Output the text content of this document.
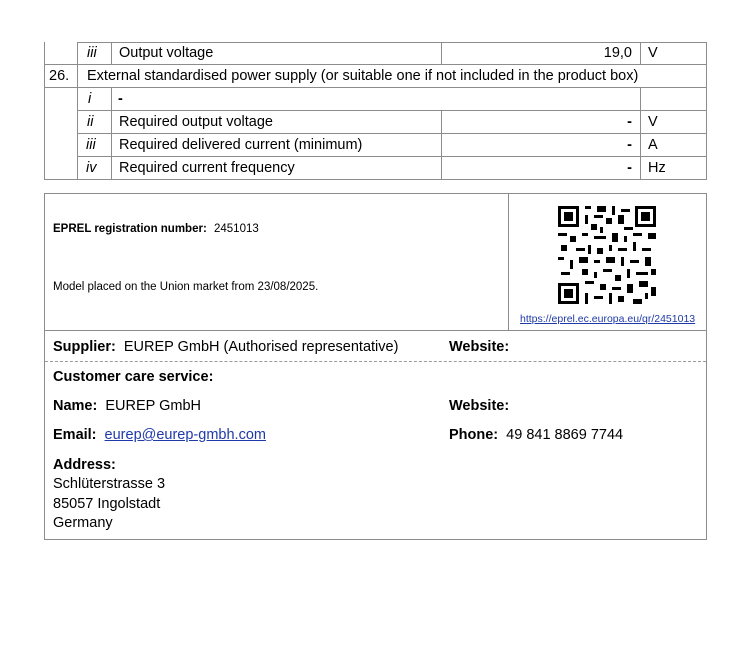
iii Output voltage	19,0 V
26. External standardised power supply (or suitable one if not included in the product box)
i -
ii Required output voltage	- V
iii Required delivered current (minimum)	- A
iv Required current frequency	- Hz
EPREL registration number: 2451013
Model placed on the Union market from 23/08/2025.
https://eprel.ec.europa.eu/qr/2451013
Supplier: EUREP GmbH (Authorised representative)	Website:
Customer care service:
Name: EUREP GmbH	Website:
Email: eurep@eurep-gmbh.com	Phone: 49 841 8869 7744
Address:
Schlüterstrasse 3
85057 Ingolstadt
Germany
